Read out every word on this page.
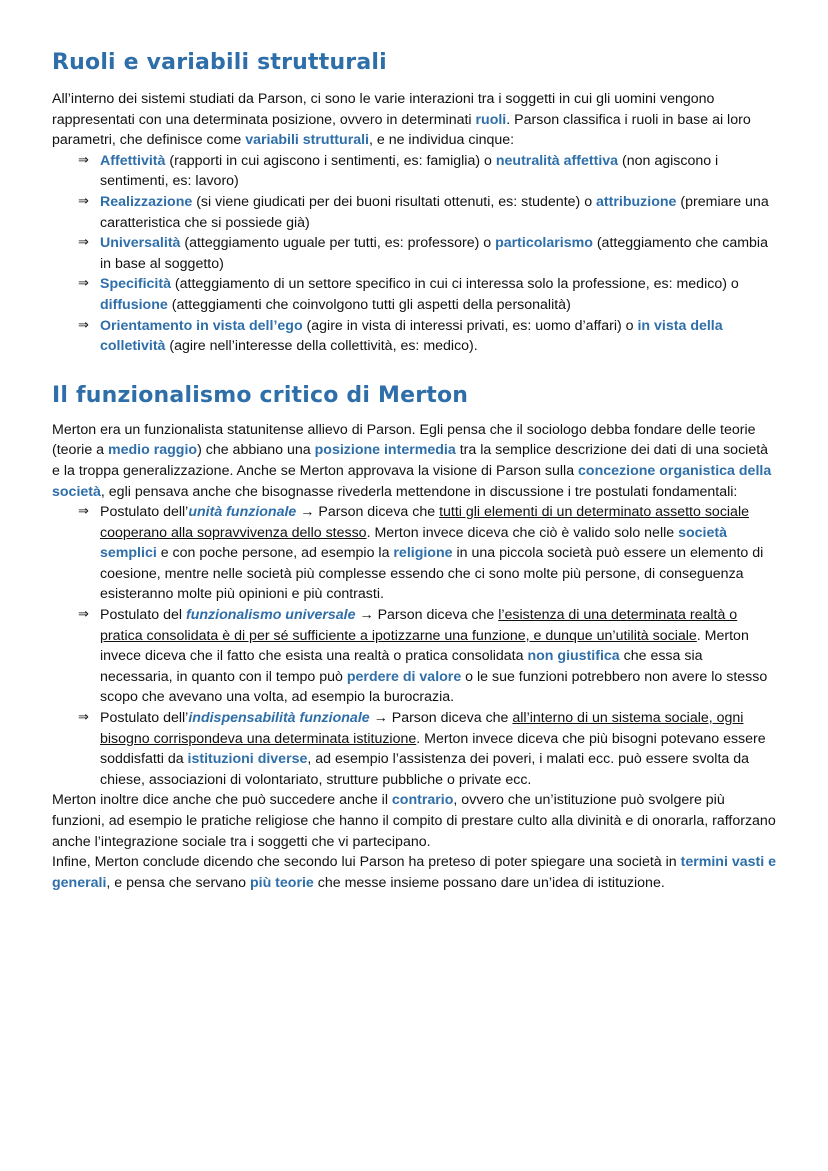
Ruoli e variabili strutturali

All’interno dei sistemi studiati da Parson, ci sono le varie interazioni tra i soggetti in cui gli uomini vengono rappresentati con una determinata posizione, ovvero in determinati ruoli. Parson classifica i ruoli in base ai loro parametri, che definisce come variabili strutturali, e ne individua cinque:

⇒ Affettività (rapporti in cui agiscono i sentimenti, es: famiglia) o neutralità affettiva (non agiscono i sentimenti, es: lavoro)
⇒ Realizzazione (si viene giudicati per dei buoni risultati ottenuti, es: studente) o attribuzione (premiare una caratteristica che si possiede già)
⇒ Universalità (atteggiamento uguale per tutti, es: professore) o particolarismo (atteggiamento che cambia in base al soggetto)
⇒ Specificità (atteggiamento di un settore specifico in cui ci interessa solo la professione, es: medico) o diffusione (atteggiamenti che coinvolgono tutti gli aspetti della personalità)
⇒ Orientamento in vista dell’ego (agire in vista di interessi privati, es: uomo d’affari) o in vista della colletività (agire nell’interesse della collettività, es: medico).
Il funzionalismo critico di Merton

Merton era un funzionalista statunitense allievo di Parson. Egli pensa che il sociologo debba fondare delle teorie (teorie a medio raggio) che abbiano una posizione intermedia tra la semplice descrizione dei dati di una società e la troppa generalizzazione. Anche se Merton approvava la visione di Parson sulla concezione organistica della società, egli pensava anche che bisognasse rivederla mettendone in discussione i tre postulati fondamentali:

⇒ Postulato dell’unità funzionale → Parson diceva che tutti gli elementi di un determinato assetto sociale cooperano alla sopravvivenza dello stesso. Merton invece diceva che ciò è valido solo nelle società semplici e con poche persone, ad esempio la religione in una piccola società può essere un elemento di coesione, mentre nelle società più complesse essendo che ci sono molte più persone, di conseguenza esisteranno molte più opinioni e più contrasti.
⇒ Postulato del funzionalismo universale → Parson diceva che l’esistenza di una determinata realtà o pratica consolidata è di per sé sufficiente a ipotizzarne una funzione, e dunque un’utilità sociale. Merton invece diceva che il fatto che esista una realtà o pratica consolidata non giustifica che essa sia necessaria, in quanto con il tempo può perdere di valore o le sue funzioni potrebbero non avere lo stesso scopo che avevano una volta, ad esempio la burocrazia.
⇒ Postulato dell’indispensabilità funzionale → Parson diceva che all’interno di un sistema sociale, ogni bisogno corrispondeva una determinata istituzione. Merton invece diceva che più bisogni potevano essere soddisfatti da istituzioni diverse, ad esempio l’assistenza dei poveri, i malati ecc. può essere svolta da chiese, associazioni di volontariato, strutture pubbliche o private ecc.

Merton inoltre dice anche che può succedere anche il contrario, ovvero che un’istituzione può svolgere più funzioni, ad esempio le pratiche religiose che hanno il compito di prestare culto alla divinità e di onorarla, rafforzano anche l’integrazione sociale tra i soggetti che vi partecipano.

Infine, Merton conclude dicendo che secondo lui Parson ha preteso di poter spiegare una società in termini vasti e generali, e pensa che servano più teorie che messe insieme possano dare un’idea di istituzione.
